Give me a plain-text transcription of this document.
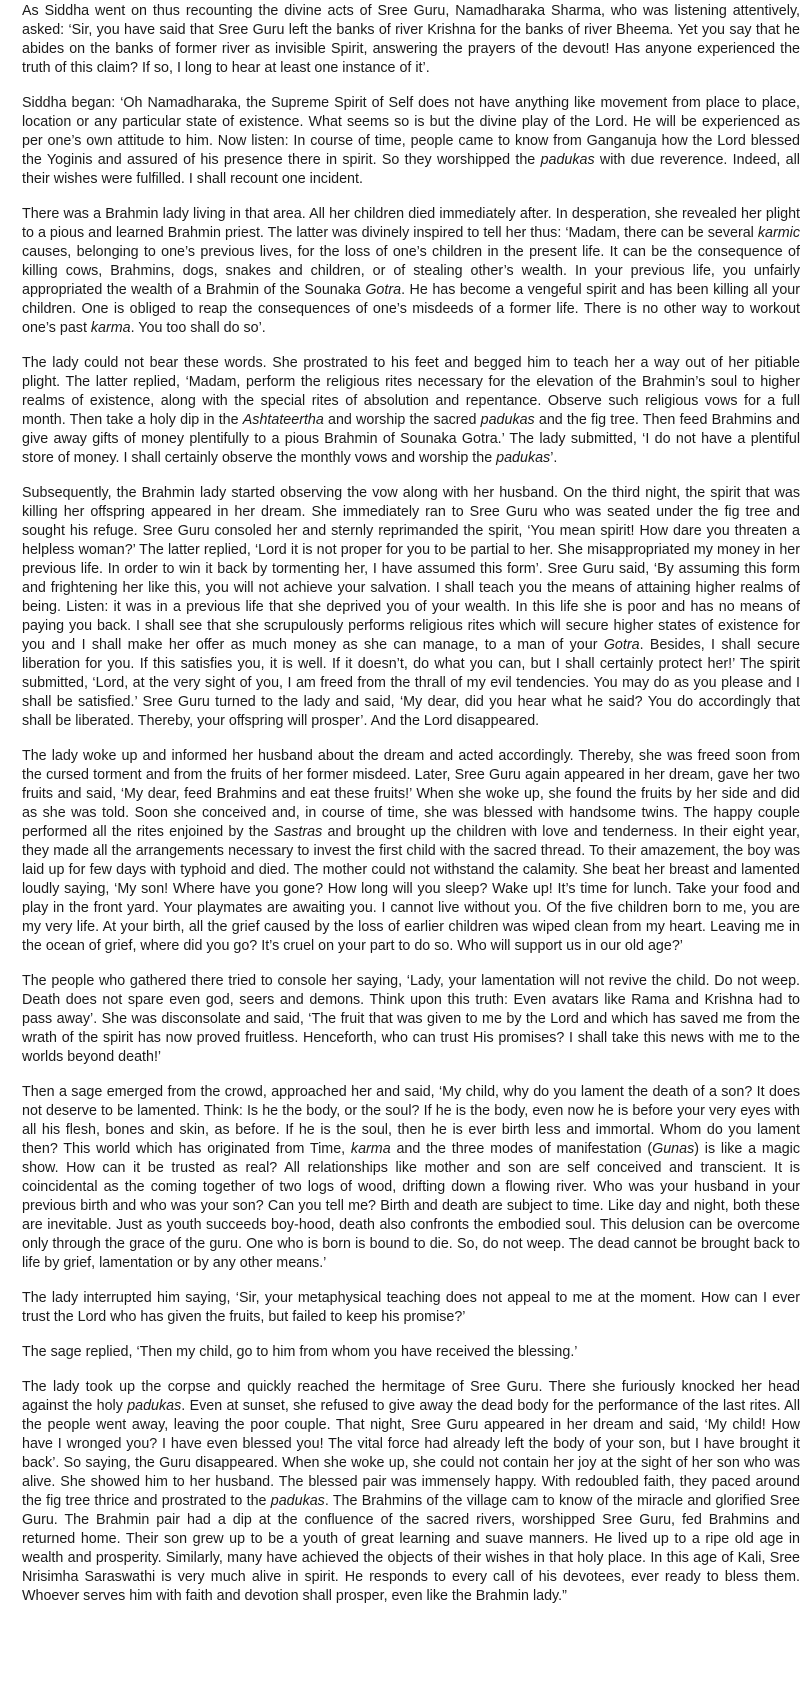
As Siddha went on thus recounting the divine acts of Sree Guru, Namadharaka Sharma, who was listening attentively, asked: ‘Sir, you have said that Sree Guru left the banks of river Krishna for the banks of river Bheema. Yet you say that he abides on the banks of former river as invisible Spirit, answering the prayers of the devout! Has anyone experienced the truth of this claim? If so, I long to hear at least one instance of it’.

Siddha began: ‘Oh Namadharaka, the Supreme Spirit of Self does not have anything like movement from place to place, location or any particular state of existence. What seems so is but the divine play of the Lord. He will be experienced as per one’s own attitude to him. Now listen: In course of time, people came to know from Ganganuja how the Lord blessed the Yoginis and assured of his presence there in spirit. So they worshipped the padukas with due reverence. Indeed, all their wishes were fulfilled. I shall recount one incident.

There was a Brahmin lady living in that area. All her children died immediately after. In desperation, she revealed her plight to a pious and learned Brahmin priest. The latter was divinely inspired to tell her thus: ‘Madam, there can be several karmic causes, belonging to one’s previous lives, for the loss of one’s children in the present life. It can be the consequence of killing cows, Brahmins, dogs, snakes and children, or of stealing other’s wealth. In your previous life, you unfairly appropriated the wealth of a Brahmin of the Sounaka Gotra. He has become a vengeful spirit and has been killing all your children. One is obliged to reap the consequences of one’s misdeeds of a former life. There is no other way to workout one’s past karma. You too shall do so’.

The lady could not bear these words. She prostrated to his feet and begged him to teach her a way out of her pitiable plight. The latter replied, ‘Madam, perform the religious rites necessary for the elevation of the Brahmin’s soul to higher realms of existence, along with the special rites of absolution and repentance. Observe such religious vows for a full month. Then take a holy dip in the Ashtateertha and worship the sacred padukas and the fig tree. Then feed Brahmins and give away gifts of money plentifully to a pious Brahmin of Sounaka Gotra.’ The lady submitted, ‘I do not have a plentiful store of money. I shall certainly observe the monthly vows and worship the padukas’.

Subsequently, the Brahmin lady started observing the vow along with her husband. On the third night, the spirit that was killing her offspring appeared in her dream. She immediately ran to Sree Guru who was seated under the fig tree and sought his refuge. Sree Guru consoled her and sternly reprimanded the spirit, ‘You mean spirit! How dare you threaten a helpless woman?’ The latter replied, ‘Lord it is not proper for you to be partial to her. She misappropriated my money in her previous life. In order to win it back by tormenting her, I have assumed this form’. Sree Guru said, ‘By assuming this form and frightening her like this, you will not achieve your salvation. I shall teach you the means of attaining higher realms of being. Listen: it was in a previous life that she deprived you of your wealth. In this life she is poor and has no means of paying you back. I shall see that she scrupulously performs religious rites which will secure higher states of existence for you and I shall make her offer as much money as she can manage, to a man of your Gotra. Besides, I shall secure liberation for you. If this satisfies you, it is well. If it doesn’t, do what you can, but I shall certainly protect her!’ The spirit submitted, ‘Lord, at the very sight of you, I am freed from the thrall of my evil tendencies. You may do as you please and I shall be satisfied.’ Sree Guru turned to the lady and said, ‘My dear, did you hear what he said? You do accordingly that shall be liberated. Thereby, your offspring will prosper’. And the Lord disappeared.

The lady woke up and informed her husband about the dream and acted accordingly. Thereby, she was freed soon from the cursed torment and from the fruits of her former misdeed. Later, Sree Guru again appeared in her dream, gave her two fruits and said, ‘My dear, feed Brahmins and eat these fruits!’ When she woke up, she found the fruits by her side and did as she was told. Soon she conceived and, in course of time, she was blessed with handsome twins. The happy couple performed all the rites enjoined by the Sastras and brought up the children with love and tenderness. In their eight year, they made all the arrangements necessary to invest the first child with the sacred thread. To their amazement, the boy was laid up for few days with typhoid and died. The mother could not withstand the calamity. She beat her breast and lamented loudly saying, ‘My son! Where have you gone? How long will you sleep? Wake up! It’s time for lunch. Take your food and play in the front yard. Your playmates are awaiting you. I cannot live without you. Of the five children born to me, you are my very life. At your birth, all the grief caused by the loss of earlier children was wiped clean from my heart. Leaving me in the ocean of grief, where did you go? It’s cruel on your part to do so. Who will support us in our old age?’

The people who gathered there tried to console her saying, ‘Lady, your lamentation will not revive the child. Do not weep. Death does not spare even god, seers and demons. Think upon this truth: Even avatars like Rama and Krishna had to pass away’. She was disconsolate and said, ‘The fruit that was given to me by the Lord and which has saved me from the wrath of the spirit has now proved fruitless. Henceforth, who can trust His promises? I shall take this news with me to the worlds beyond death!’

Then a sage emerged from the crowd, approached her and said, ‘My child, why do you lament the death of a son? It does not deserve to be lamented. Think: Is he the body, or the soul? If he is the body, even now he is before your very eyes with all his flesh, bones and skin, as before. If he is the soul, then he is ever birth less and immortal. Whom do you lament then? This world which has originated from Time, karma and the three modes of manifestation (Gunas) is like a magic show. How can it be trusted as real? All relationships like mother and son are self conceived and transcient. It is coincidental as the coming together of two logs of wood, drifting down a flowing river. Who was your husband in your previous birth and who was your son? Can you tell me? Birth and death are subject to time. Like day and night, both these are inevitable. Just as youth succeeds boy-hood, death also confronts the embodied soul. This delusion can be overcome only through the grace of the guru. One who is born is bound to die. So, do not weep. The dead cannot be brought back to life by grief, lamentation or by any other means.’

The lady interrupted him saying, ‘Sir, your metaphysical teaching does not appeal to me at the moment. How can I ever trust the Lord who has given the fruits, but failed to keep his promise?’

The sage replied, ‘Then my child, go to him from whom you have received the blessing.’

The lady took up the corpse and quickly reached the hermitage of Sree Guru. There she furiously knocked her head against the holy padukas. Even at sunset, she refused to give away the dead body for the performance of the last rites. All the people went away, leaving the poor couple. That night, Sree Guru appeared in her dream and said, ‘My child! How have I wronged you? I have even blessed you! The vital force had already left the body of your son, but I have brought it back’. So saying, the Guru disappeared. When she woke up, she could not contain her joy at the sight of her son who was alive. She showed him to her husband. The blessed pair was immensely happy. With redoubled faith, they paced around the fig tree thrice and prostrated to the padukas. The Brahmins of the village cam to know of the miracle and glorified Sree Guru. The Brahmin pair had a dip at the confluence of the sacred rivers, worshipped Sree Guru, fed Brahmins and returned home. Their son grew up to be a youth of great learning and suave manners. He lived up to a ripe old age in wealth and prosperity. Similarly, many have achieved the objects of their wishes in that holy place. In this age of Kali, Sree Nrisimha Saraswathi is very much alive in spirit. He responds to every call of his devotees, ever ready to bless them. Whoever serves him with faith and devotion shall prosper, even like the Brahmin lady.”
